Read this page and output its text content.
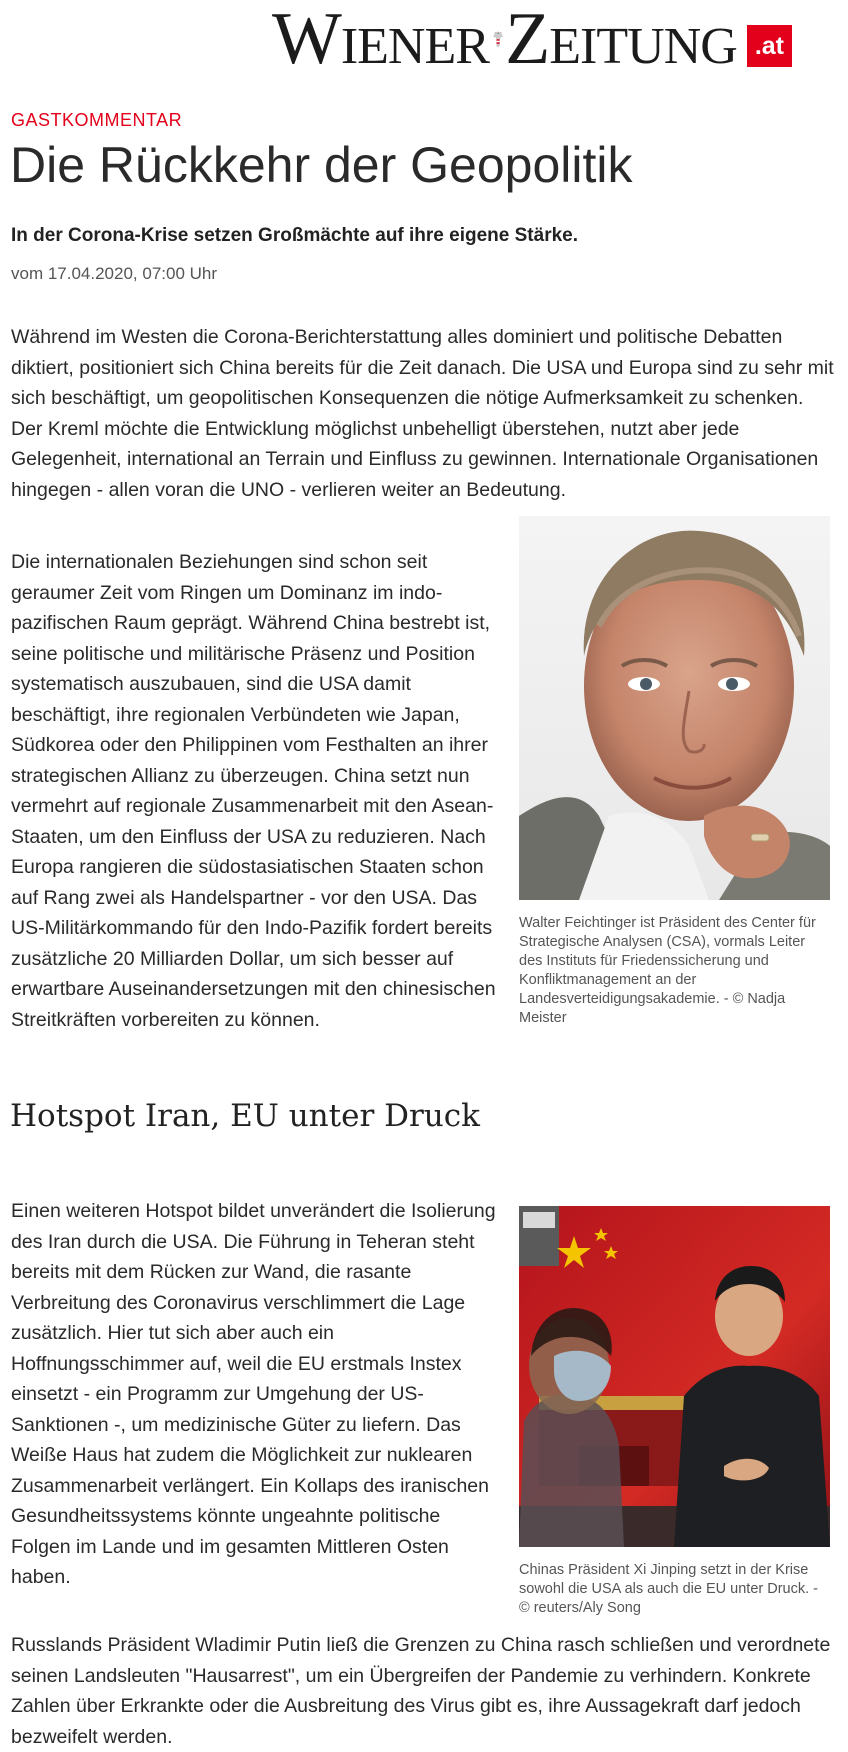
Wiener Zeitung .at
GASTKOMMENTAR
Die Rückkehr der Geopolitik

In der Corona-Krise setzen Großmächte auf ihre eigene Stärke.

vom 17.04.2020, 07:00 Uhr

Während im Westen die Corona-Berichterstattung alles dominiert und politische Debatten diktiert, positioniert sich China bereits für die Zeit danach. Die USA und Europa sind zu sehr mit sich beschäftigt, um geopolitischen Konsequenzen die nötige Aufmerksamkeit zu schenken. Der Kreml möchte die Entwicklung möglichst unbehelligt überstehen, nutzt aber jede Gelegenheit, international an Terrain und Einfluss zu gewinnen. Internationale Organisationen hingegen - allen voran die UNO - verlieren weiter an Bedeutung.

Die internationalen Beziehungen sind schon seit geraumer Zeit vom Ringen um Dominanz im indo-pazifischen Raum geprägt. Während China bestrebt ist, seine politische und militärische Präsenz und Position systematisch auszubauen, sind die USA damit beschäftigt, ihre regionalen Verbündeten wie Japan, Südkorea oder den Philippinen vom Festhalten an ihrer strategischen Allianz zu überzeugen. China setzt nun vermehrt auf regionale Zusammenarbeit mit den Asean-Staaten, um den Einfluss der USA zu reduzieren. Nach Europa rangieren die südostasiatischen Staaten schon auf Rang zwei als Handelspartner - vor den USA. Das US-Militärkommando für den Indo-Pazifik fordert bereits zusätzliche 20 Milliarden Dollar, um sich besser auf erwartbare Auseinandersetzungen mit den chinesischen Streitkräften vorbereiten zu können.

Walter Feichtinger ist Präsident des Center für Strategische Analysen (CSA), vormals Leiter des Instituts für Friedenssicherung und Konfliktmanagement an der Landesverteidigungsakademie. - © Nadja Meister
Hotspot Iran, EU unter Druck

Einen weiteren Hotspot bildet unverändert die Isolierung des Iran durch die USA. Die Führung in Teheran steht bereits mit dem Rücken zur Wand, die rasante Verbreitung des Coronavirus verschlimmert die Lage zusätzlich. Hier tut sich aber auch ein Hoffnungsschimmer auf, weil die EU erstmals Instex einsetzt - ein Programm zur Umgehung der US-Sanktionen -, um medizinische Güter zu liefern. Das Weiße Haus hat zudem die Möglichkeit zur nuklearen Zusammenarbeit verlängert. Ein Kollaps des iranischen Gesundheitssystems könnte ungeahnte politische Folgen im Lande und im gesamten Mittleren Osten haben.	Chinas Präsident Xi Jinping setzt in der Krise sowohl die USA als auch die EU unter Druck. - © reuters/Aly Song

Russlands Präsident Wladimir Putin ließ die Grenzen zu China rasch schließen und verordnete seinen Landsleuten "Hausarrest", um ein Übergreifen der Pandemie zu verhindern. Konkrete Zahlen über Erkrankte oder die Ausbreitung des Virus gibt es, ihre Aussagekraft darf jedoch bezweifelt werden.
